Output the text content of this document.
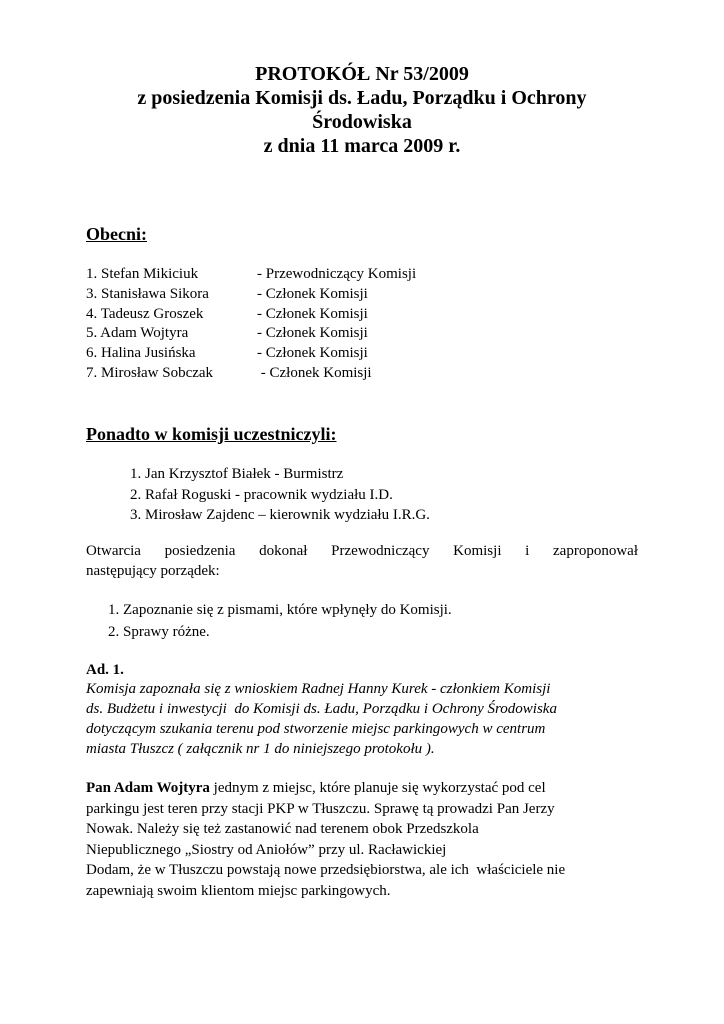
PROTOKÓŁ Nr 53/2009
z posiedzenia Komisji ds. Ładu, Porządku i Ochrony
Środowiska
z dnia 11 marca 2009 r.
Obecni:
1. Stefan Mikiciuk	- Przewodniczący Komisji
3. Stanisława Sikora	- Członek Komisji
4. Tadeusz Groszek	- Członek Komisji
5. Adam Wojtyra	- Członek Komisji
6. Halina Jusińska	- Członek Komisji
7. Mirosław Sobczak	- Członek Komisji
Ponadto w komisji uczestniczyli:
1. Jan Krzysztof Białek - Burmistrz
2. Rafał Roguski - pracownik wydziału I.D.
3. Mirosław Zajdenc – kierownik wydziału I.R.G.
Otwarcia posiedzenia dokonał Przewodniczący Komisji i zaproponował
następujący porządek:
1. Zapoznanie się z pismami, które wpłynęły do Komisji.
2. Sprawy różne.
Ad. 1.
Komisja zapoznała się z wnioskiem Radnej Hanny Kurek - członkiem Komisji
ds. Budżetu i inwestycji  do Komisji ds. Ładu, Porządku i Ochrony Środowiska
dotyczącym szukania terenu pod stworzenie miejsc parkingowych w centrum
miasta Tłuszcz ( załącznik nr 1 do niniejszego protokołu ).
Pan Adam Wojtyra jednym z miejsc, które planuje się wykorzystać pod cel
parkingu jest teren przy stacji PKP w Tłuszczu. Sprawę tą prowadzi Pan Jerzy
Nowak. Należy się też zastanowić nad terenem obok Przedszkola
Niepublicznego „Siostry od Aniołów” przy ul. Racławickiej
Dodam, że w Tłuszczu powstają nowe przedsiębiorstwa, ale ich  właściciele nie
zapewniają swoim klientom miejsc parkingowych.
